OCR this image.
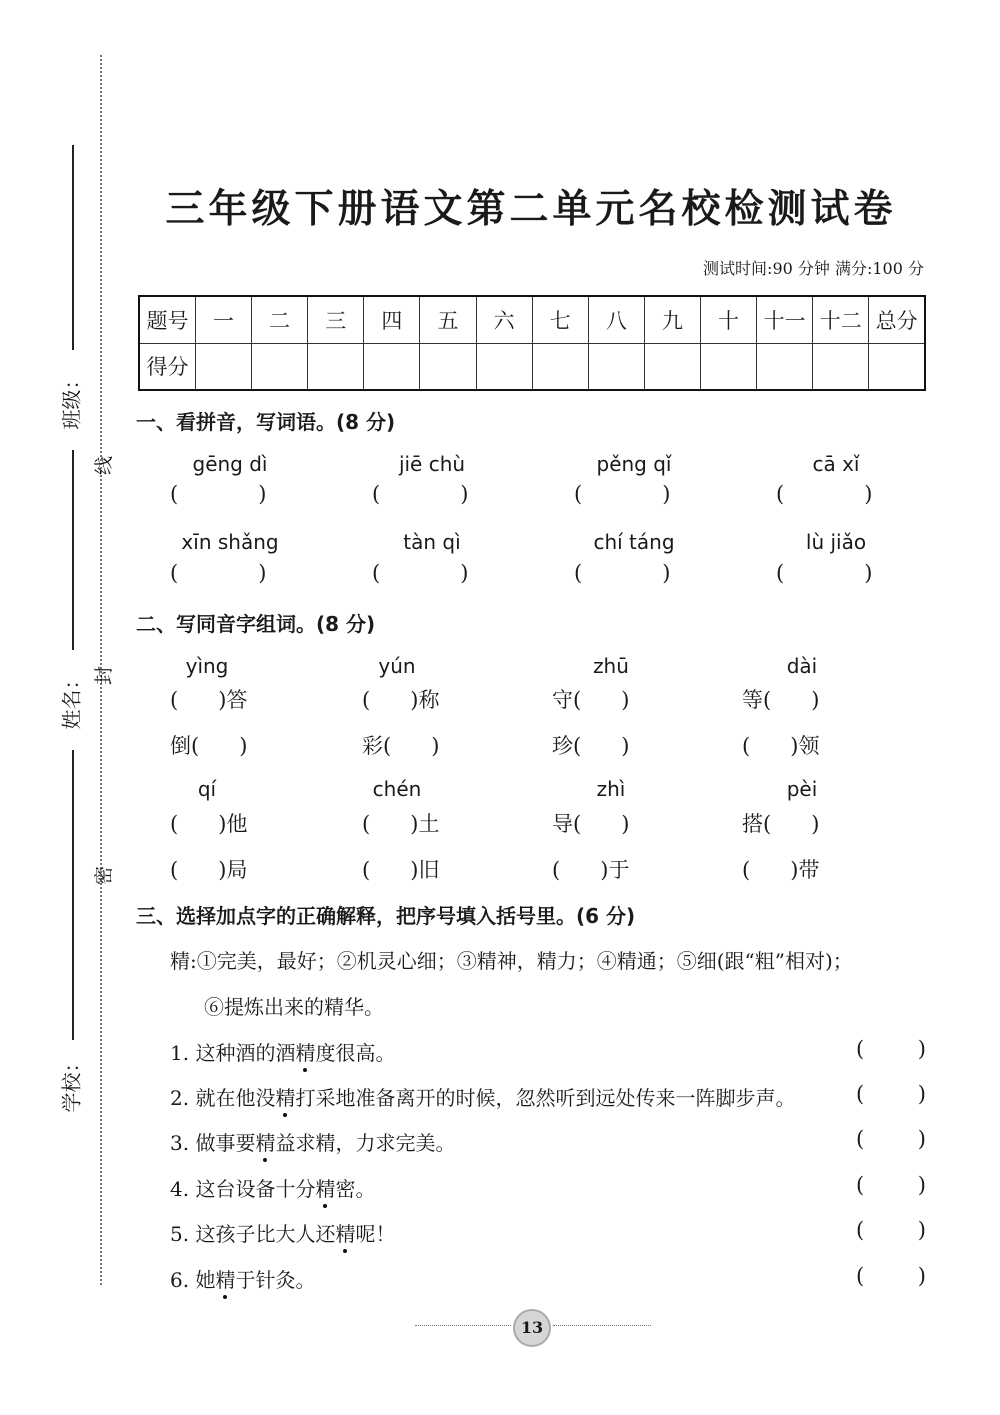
班级：
姓名：
学校：
线
封
密
三年级下册语文第二单元名校检测试卷
测试时间:90 分钟 满分:100 分
题号	一	二	三	四	五	六	七	八	九	十	十一	十二	总分
得分													
一、看拼音，写词语。(8 分)
gēng dì	jiē chù	pěng qǐ	cā xǐ
(            )	(            )	(            )	(            )
xīn shǎng	tàn qì	chí táng	lù jiǎo
(            )	(            )	(            )	(            )
二、写同音字组词。(8 分)
yìng	yún	zhū	dài
(      )答	(      )称	守(      )	等(      )
倒(      )	彩(      )	珍(      )	(      )领
qí	chén	zhì	pèi
(      )他	(      )土	导(      )	搭(      )
(      )局	(      )旧	(      )于	(      )带
三、选择加点字的正确解释，把序号填入括号里。(6 分)
精:①完美，最好；②机灵心细；③精神，精力；④精通；⑤细(跟“粗”相对)；
⑥提炼出来的精华。
1. 这种酒的酒精度很高。	(	)
2. 就在他没精打采地准备离开的时候，忽然听到远处传来一阵脚步声。	(	)
3. 做事要精益求精，力求完美。	(	)
4. 这台设备十分精密。	(	)
5. 这孩子比大人还精呢！	(	)
6. 她精于针灸。	(	)
13
